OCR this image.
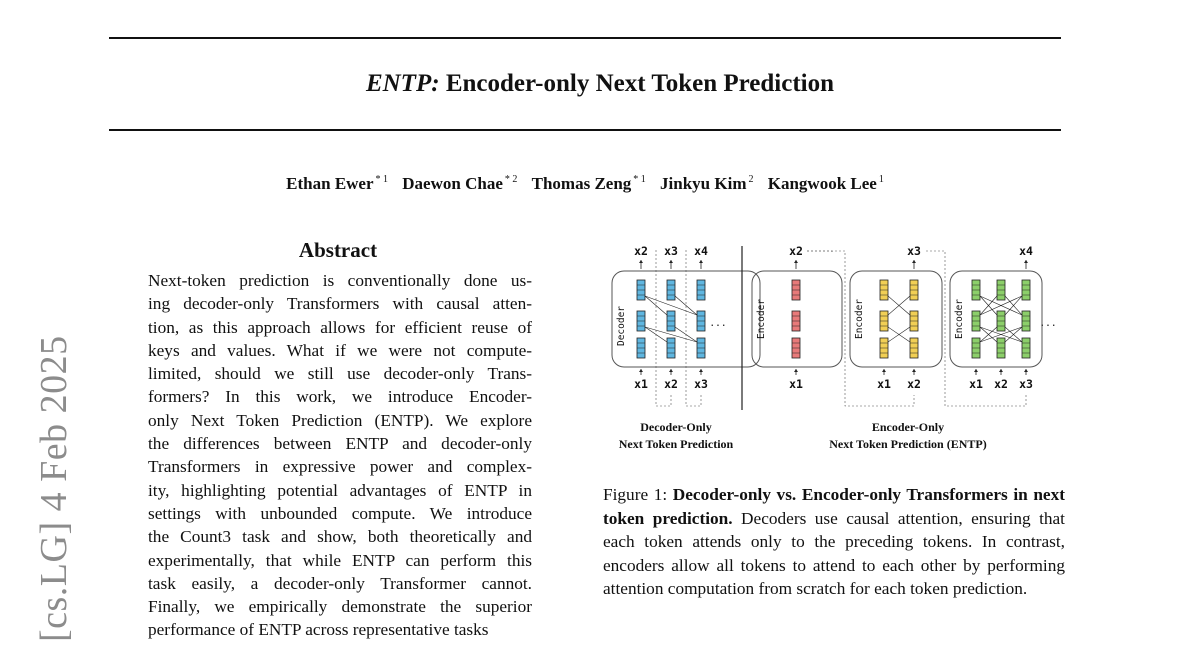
ENTP: Encoder-only Next Token Prediction
Ethan Ewer $^{* 1}$ Daewon Chae $^{* 2}$ Thomas Zeng $^{* 1}$ Jinkyu Kim $^2$ Kangwook Lee $^1$
[cs.LG] 4 Feb 2025
Abstract
Next-token prediction is conventionally done us-
ing decoder-only Transformers with causal atten-
tion, as this approach allows for efficient reuse of
keys and values. What if we were not compute-
limited, should we still use decoder-only Trans-
formers? In this work, we introduce Encoder-
only Next Token Prediction (ENTP). We explore
the differences between ENTP and decoder-only
Transformers in expressive power and complex-
ity, highlighting potential advantages of ENTP in
settings with unbounded compute. We introduce
the Count3 task and show, both theoretically and
experimentally, that while ENTP can perform this
task easily, a decoder-only Transformer cannot.
Finally, we empirically demonstrate the superior
performance of ENTP across representative tasks
Decoder
x2
x1
x3
x2
x4
x3
...
Decoder-Only
Next Token Prediction
Encoder
x1
x2
Encoder
x1 x2
x3
Encoder
x1 x2 x3
x4
...
Encoder-Only
Next Token Prediction (ENTP)
Figure 1: Decoder-only vs. Encoder-only Transformers in next token prediction. Decoders use causal attention, ensuring that each token attends only to the preceding tokens. In contrast, encoders allow all tokens to attend to each other by performing attention computation from scratch for each token prediction.
